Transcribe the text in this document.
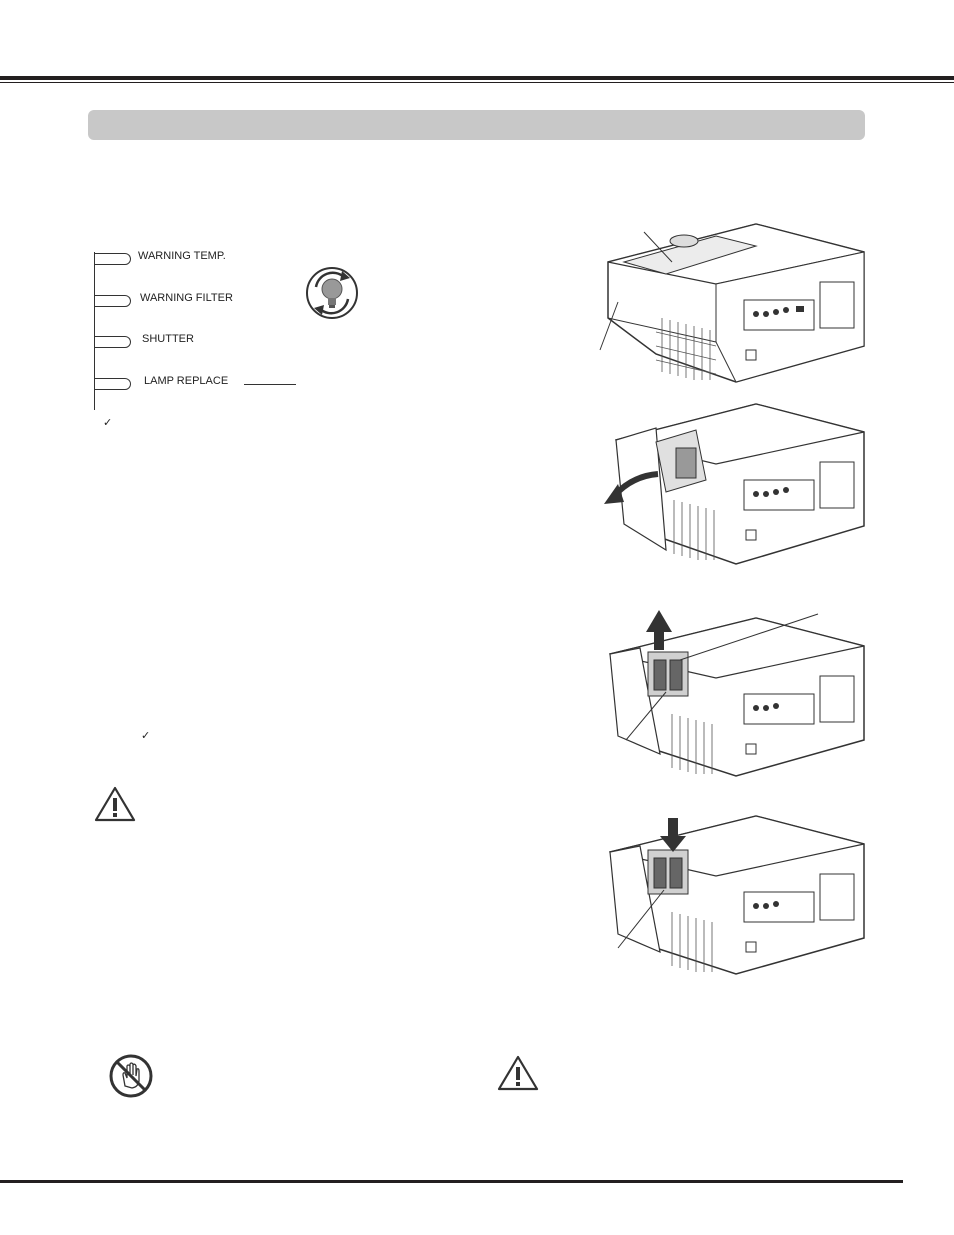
WARNING TEMP.
WARNING FILTER
SHUTTER
LAMP REPLACE
✓
✓
